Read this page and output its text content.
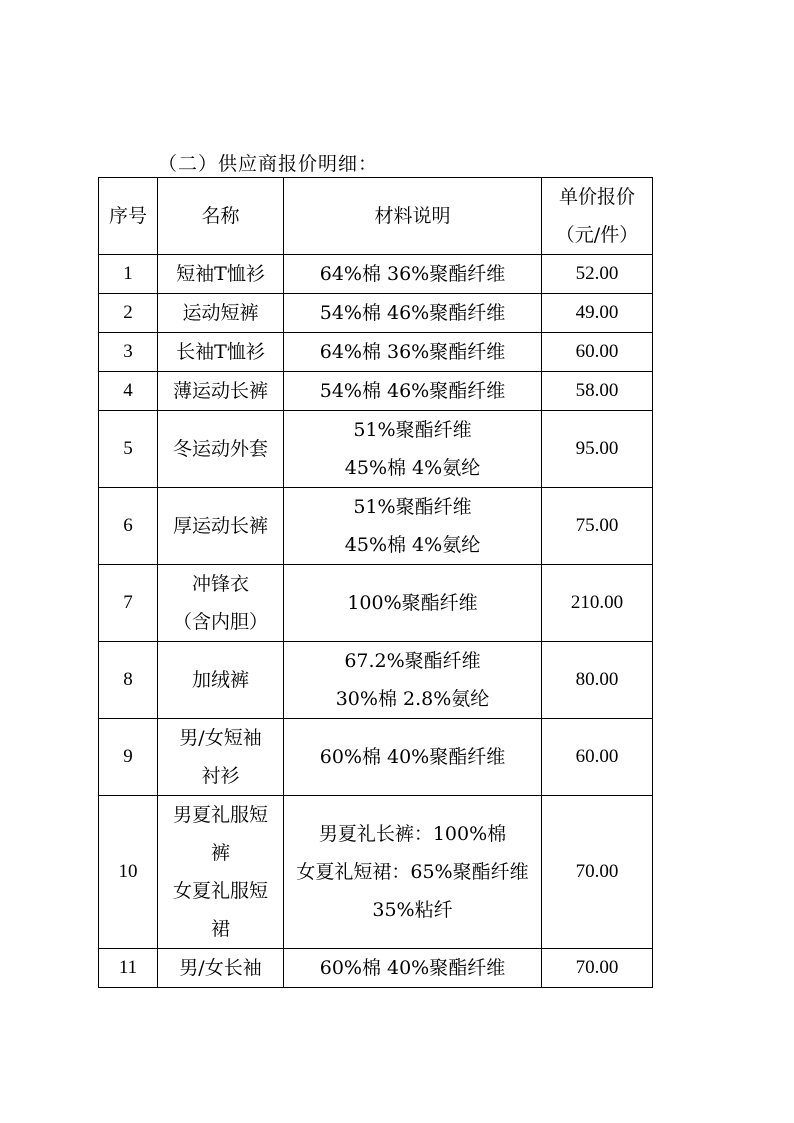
（二）供应商报价明细：
序号	名称	材料说明	单价报价
（元/件）
1	短袖T恤衫	64%棉 36%聚酯纤维	52.00
2	运动短裤	54%棉 46%聚酯纤维	49.00
3	长袖T恤衫	64%棉 36%聚酯纤维	60.00
4	薄运动长裤	54%棉 46%聚酯纤维	58.00
5	冬运动外套	51%聚酯纤维
45%棉 4%氨纶	95.00
6	厚运动长裤	51%聚酯纤维
45%棉 4%氨纶	75.00
7	冲锋衣
（含内胆）	100%聚酯纤维	210.00
8	加绒裤	67.2%聚酯纤维
30%棉 2.8%氨纶	80.00
9	男/女短袖
衬衫	60%棉 40%聚酯纤维	60.00
10	男夏礼服短
裤
女夏礼服短
裙	男夏礼长裤：100%棉
女夏礼短裙：65%聚酯纤维
35%粘纤	70.00
11	男/女长袖	60%棉 40%聚酯纤维	70.00
